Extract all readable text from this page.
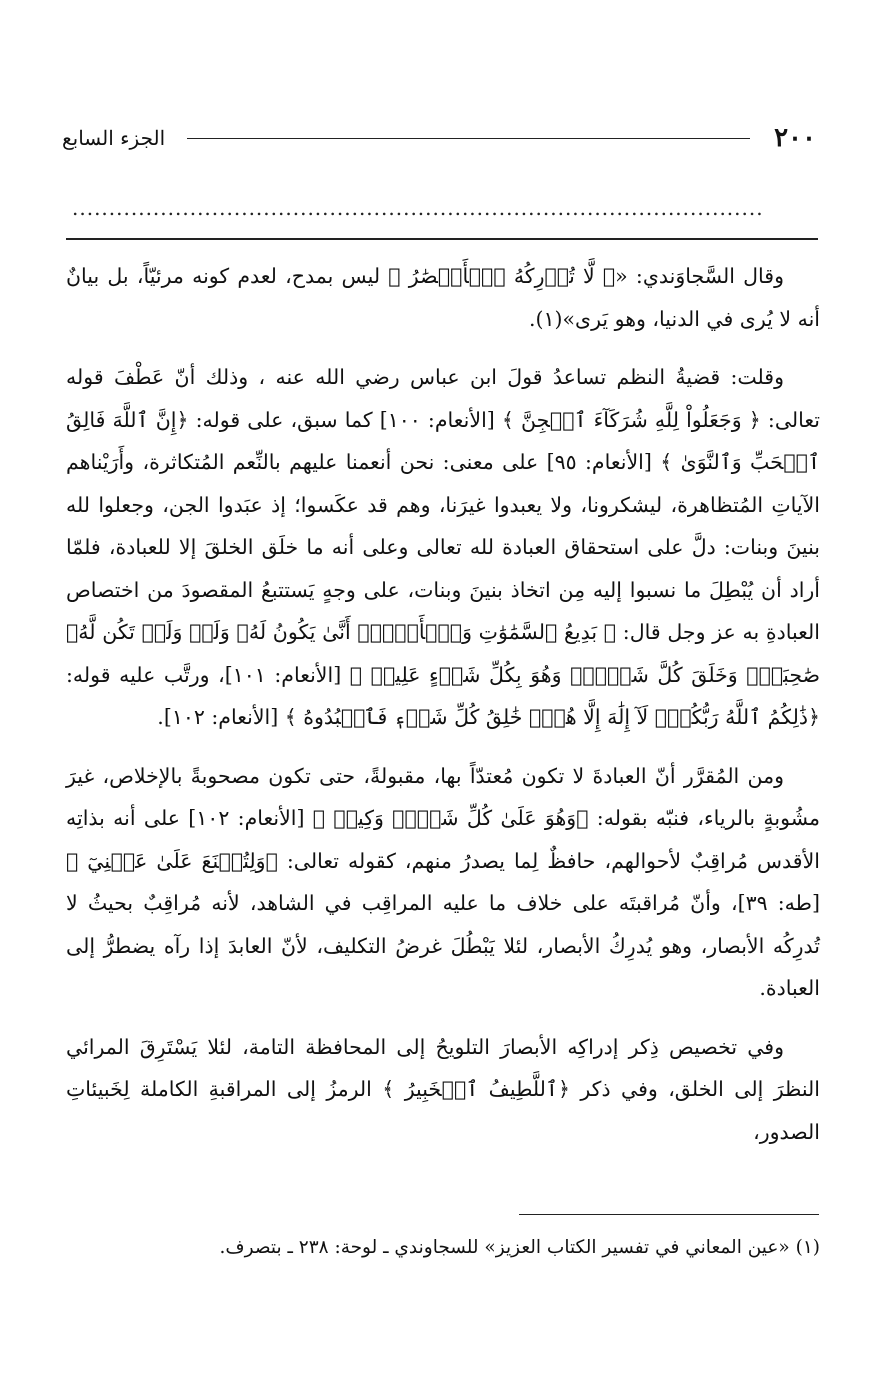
٢٠٠
الجزء السابع
..............................................................................................

وقال السَّجاوَندي: «﴿ لَّا تُدۡرِكُهُ ٱلۡأَبۡصَٰرُ ﴾ ليس بمدح، لعدم كونه مرئيّاً، بل بيانٌ أنه لا يُرى في الدنيا، وهو يَرى»(١).

وقلت: قضيةُ النظم تساعدُ قولَ ابن عباس رضي الله عنه ، وذلك أنّ عَطْفَ قوله تعالى: ﴿ وَجَعَلُواْ لِلَّهِ شُرَكَآءَ ٱلۡجِنَّ ﴾ [الأنعام: ١٠٠] كما سبق، على قوله: ﴿إِنَّ ٱللَّهَ فَالِقُ ٱلۡحَبِّ وَٱلنَّوَىٰ ﴾ [الأنعام: ٩٥] على معنى: نحن أنعمنا عليهم بالنِّعم المُتكاثرة، وأَرَيْناهم الآياتِ المُتظاهرة، ليشكرونا، ولا يعبدوا غيرَنا، وهم قد عكَسوا؛ إذ عبَدوا الجن، وجعلوا لله بنينَ وبنات: دلَّ على استحقاق العبادة لله تعالى وعلى أنه ما خلَق الخلقَ إلا للعبادة، فلمّا أراد أن يُبْطِلَ ما نسبوا إليه مِن اتخاذ بنينَ وبنات، على وجهٍ يَستتبعُ المقصودَ من اختصاص العبادةِ به عز وجل قال: ﴿ بَدِيعُ ٱلسَّمَٰوَٰتِ وَٱلۡأَرۡضِۖ أَنَّىٰ يَكُونُ لَهُۥ وَلَدٞ وَلَمۡ تَكُن لَّهُۥ صَٰحِبَةٞۖ وَخَلَقَ كُلَّ شَيۡءٖۖ وَهُوَ بِكُلِّ شَيۡءٍ عَلِيمٞ ﴾ [الأنعام: ١٠١]، ورتَّب عليه قوله: ﴿ذَٰلِكُمُ ٱللَّهُ رَبُّكُمۡۖ لَآ إِلَٰهَ إِلَّا هُوَۖ خَٰلِقُ كُلِّ شَيۡءٖ فَٱعۡبُدُوهُ ﴾ [الأنعام: ١٠٢].

ومن المُقرَّر أنّ العبادةَ لا تكون مُعتدّاً بها، مقبولةً، حتى تكون مصحوبةً بالإخلاص، غيرَ مشُوبةٍ بالرياء، فنبّه بقوله: ﴿وَهُوَ عَلَىٰ كُلِّ شَيۡءٖ وَكِيلٞ ﴾ [الأنعام: ١٠٢] على أنه بذاتِه الأقدس مُراقِبٌ لأحوالهم، حافظٌ لِما يصدرُ منهم، كقوله تعالى: ﴿وَلِتُصۡنَعَ عَلَىٰ عَيۡنِيٓ ﴾ [طه: ٣٩]، وأنّ مُراقبتَه على خلاف ما عليه المراقِب في الشاهد، لأنه مُراقِبٌ بحيثُ لا تُدرِكُه الأبصار، وهو يُدرِكُ الأبصار، لئلا يَبْطُلَ غرضُ التكليف، لأنّ العابدَ إذا رآه يضطرُّ إلى العبادة.

وفي تخصيص ذِكر إدراكِه الأبصارَ التلويحُ إلى المحافظة التامة، لئلا يَسْتَرِقَ المرائي النظرَ إلى الخلق، وفي ذكر ﴿ٱللَّطِيفُ ٱلۡخَبِيرُ ﴾ الرمزُ إلى المراقبةِ الكاملة لِخَبيئاتِ الصدور،

(١) «عين المعاني في تفسير الكتاب العزيز» للسجاوندي ـ لوحة: ٢٣٨ ـ بتصرف.
